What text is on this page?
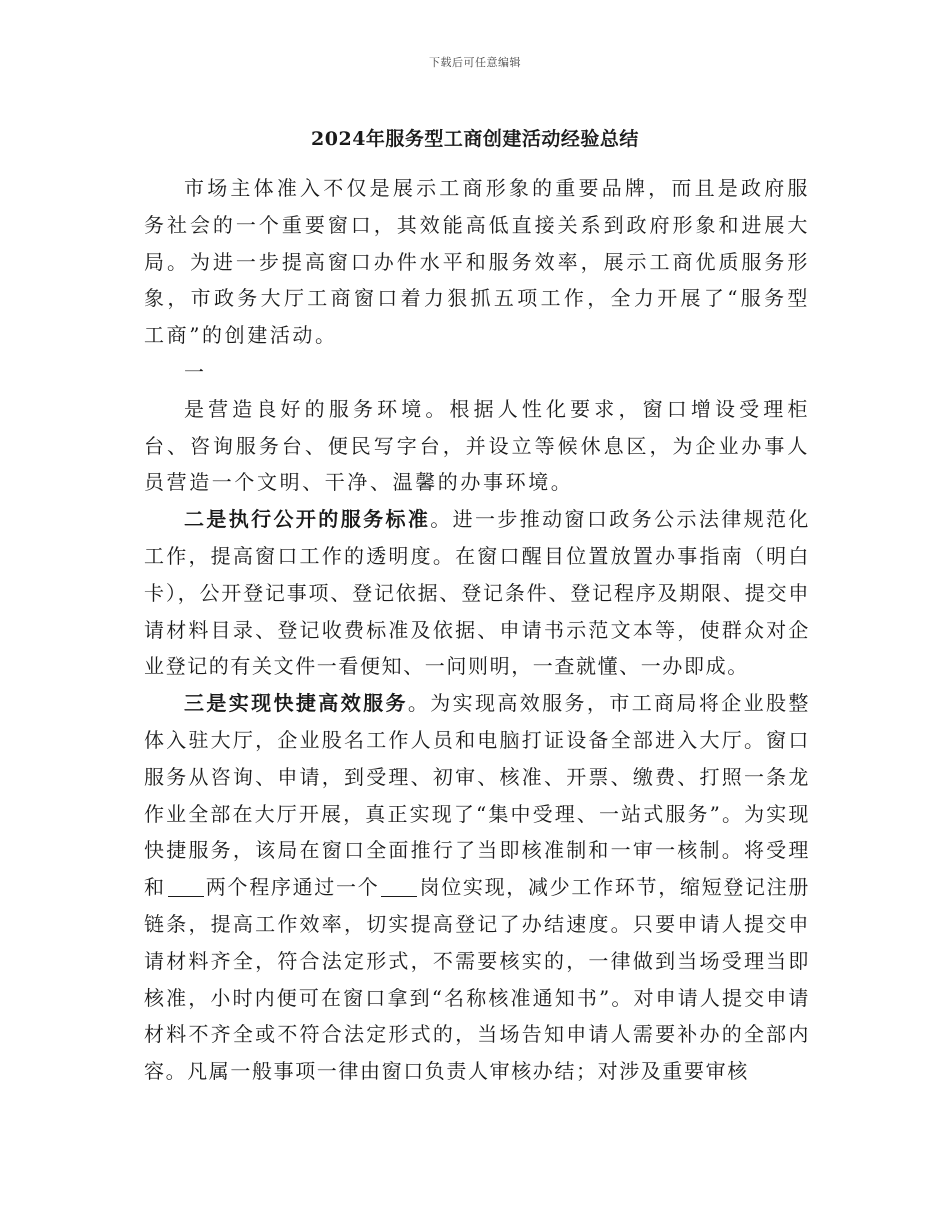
下载后可任意编辑
2024年服务型工商创建活动经验总结

市场主体准入不仅是展示工商形象的重要品牌，而且是政府服务社会的一个重要窗口，其效能高低直接关系到政府形象和进展大局。为进一步提高窗口办件水平和服务效率，展示工商优质服务形象，市政务大厅工商窗口着力狠抓五项工作，全力开展了“服务型工商”的创建活动。

一

是营造良好的服务环境。根据人性化要求，窗口增设受理柜台、咨询服务台、便民写字台，并设立等候休息区，为企业办事人员营造一个文明、干净、温馨的办事环境。

二是执行公开的服务标准。进一步推动窗口政务公示法律规范化工作，提高窗口工作的透明度。在窗口醒目位置放置办事指南（明白卡），公开登记事项、登记依据、登记条件、登记程序及期限、提交申请材料目录、登记收费标准及依据、申请书示范文本等，使群众对企业登记的有关文件一看便知、一问则明，一查就懂、一办即成。

三是实现快捷高效服务。为实现高效服务，市工商局将企业股整体入驻大厅，企业股名工作人员和电脑打证设备全部进入大厅。窗口服务从咨询、申请，到受理、初审、核准、开票、缴费、打照一条龙作业全部在大厅开展，真正实现了“集中受理、一站式服务”。为实现快捷服务，该局在窗口全面推行了当即核准制和一审一核制。将受理和 两个程序通过一个 岗位实现，减少工作环节，缩短登记注册链条，提高工作效率，切实提高登记了办结速度。只要申请人提交申请材料齐全，符合法定形式，不需要核实的，一律做到当场受理当即核准，小时内便可在窗口拿到“名称核准通知书”。对申请人提交申请材料不齐全或不符合法定形式的，当场告知申请人需要补办的全部内容。凡属一般事项一律由窗口负责人审核办结；对涉及重要审核
